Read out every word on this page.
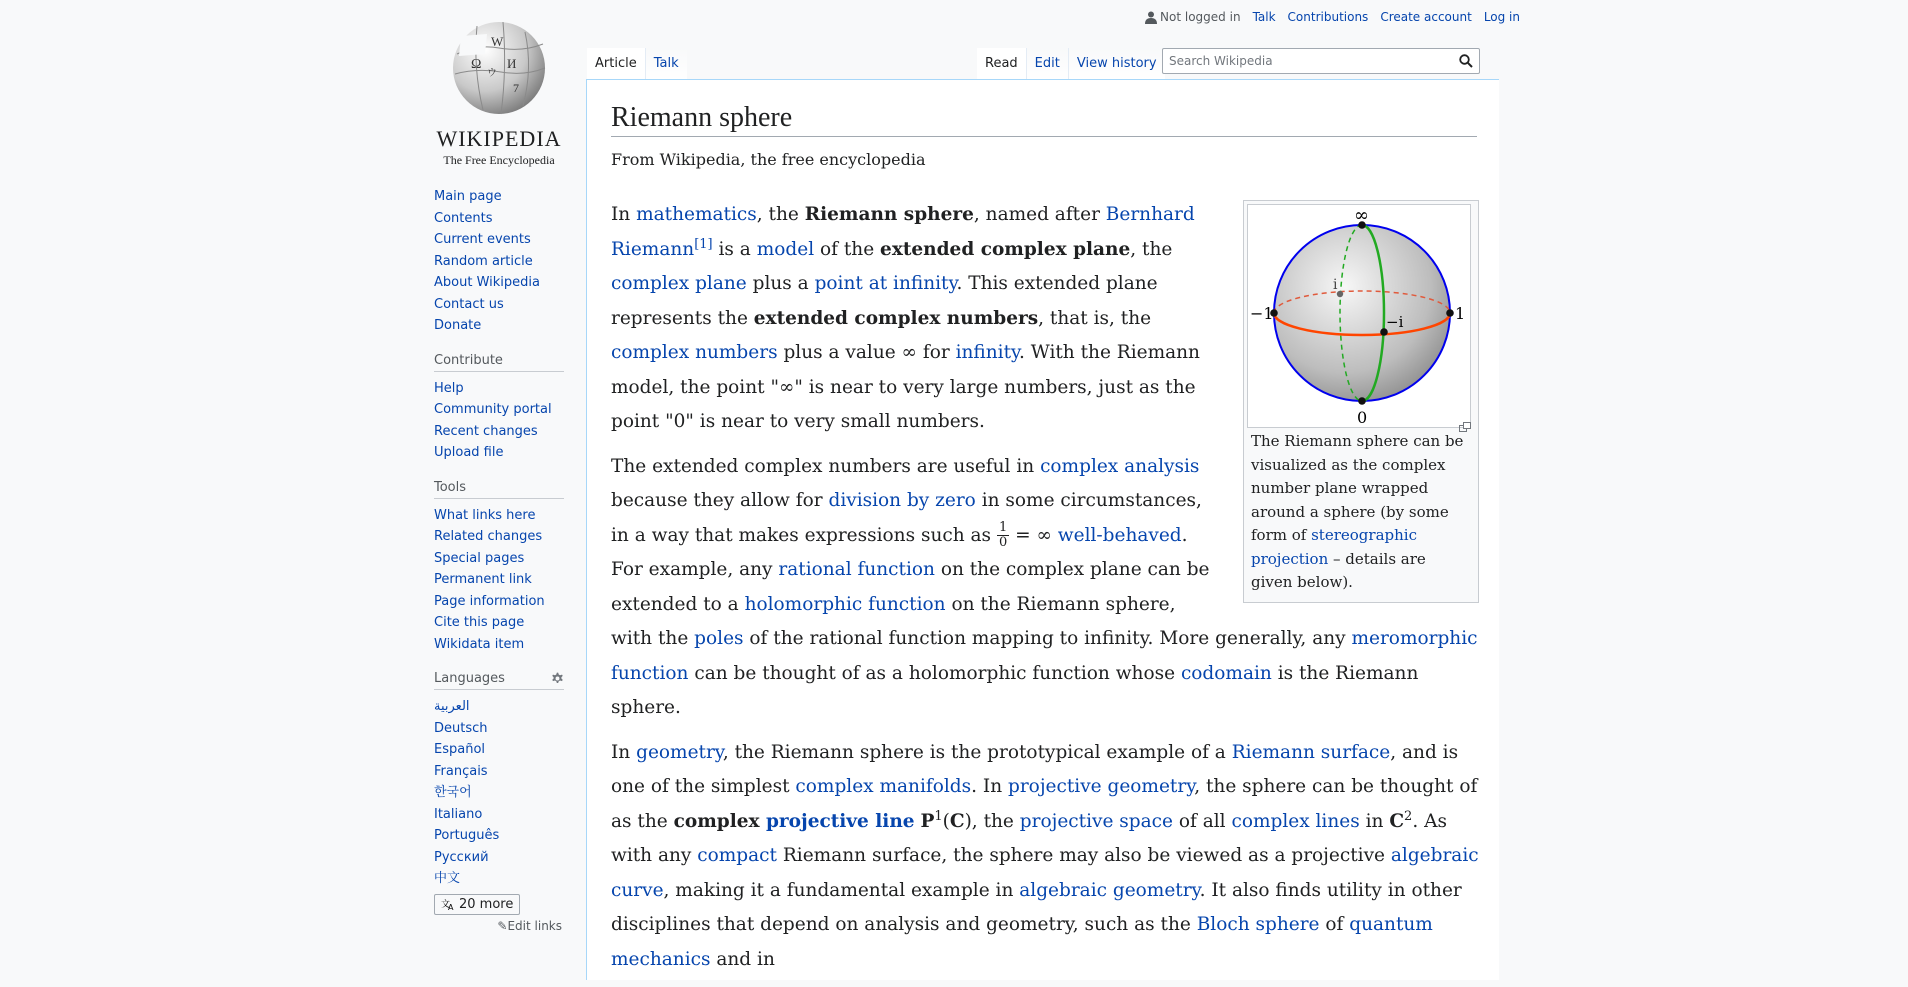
W
Ω И
ウ
7
WIKIPEDIA
The Free Encyclopedia
Not logged in Talk Contributions Create account Log in
Article	Talk	Read	Edit	View history
Search Wikipedia
Riemann sphere
From Wikipedia, the free encyclopedia
∞
0
−1	1
i
−i
The Riemann sphere can be visualized as the complex number plane wrapped around a sphere (by some form of stereographic projection – details are given below).

In mathematics, the Riemann sphere, named after Bernhard Riemann[1] is a model of the extended complex plane, the complex plane plus a point at infinity. This extended plane represents the extended complex numbers, that is, the complex numbers plus a value ∞ for infinity. With the Riemann model, the point "∞" is near to very large numbers, just as the point "0" is near to very small numbers.

The extended complex numbers are useful in complex analysis because they allow for division by zero in some circumstances, in a way that makes expressions such as $\frac{1}{0}$ = ∞ well-behaved. For example, any rational function on the complex plane can be extended to a holomorphic function on the Riemann sphere, with the poles of the rational function mapping to infinity. More generally, any meromorphic function can be thought of as a holomorphic function whose codomain is the Riemann sphere.

In geometry, the Riemann sphere is the prototypical example of a Riemann surface, and is one of the simplest complex manifolds. In projective geometry, the sphere can be thought of as the complex projective line $P^1(C)$, the projective space of all complex lines in $C^2$. As with any compact Riemann surface, the sphere may also be viewed as a projective algebraic curve, making it a fundamental example in algebraic geometry. It also finds utility in other disciplines that depend on analysis and geometry, such as the Bloch sphere of quantum mechanics and in

Main page
Contents
Current events
Random article
About Wikipedia
Contact us
Donate
Contribute
Help
Community portal
Recent changes
Upload file
Tools
What links here
Related changes
Special pages
Permanent link
Page information
Cite this page
Wikidata item
Languages
العربية
Deutsch
Español
Français
한국어
Italiano
Português
Русский
中文
文
A 20 more
✎Edit links
